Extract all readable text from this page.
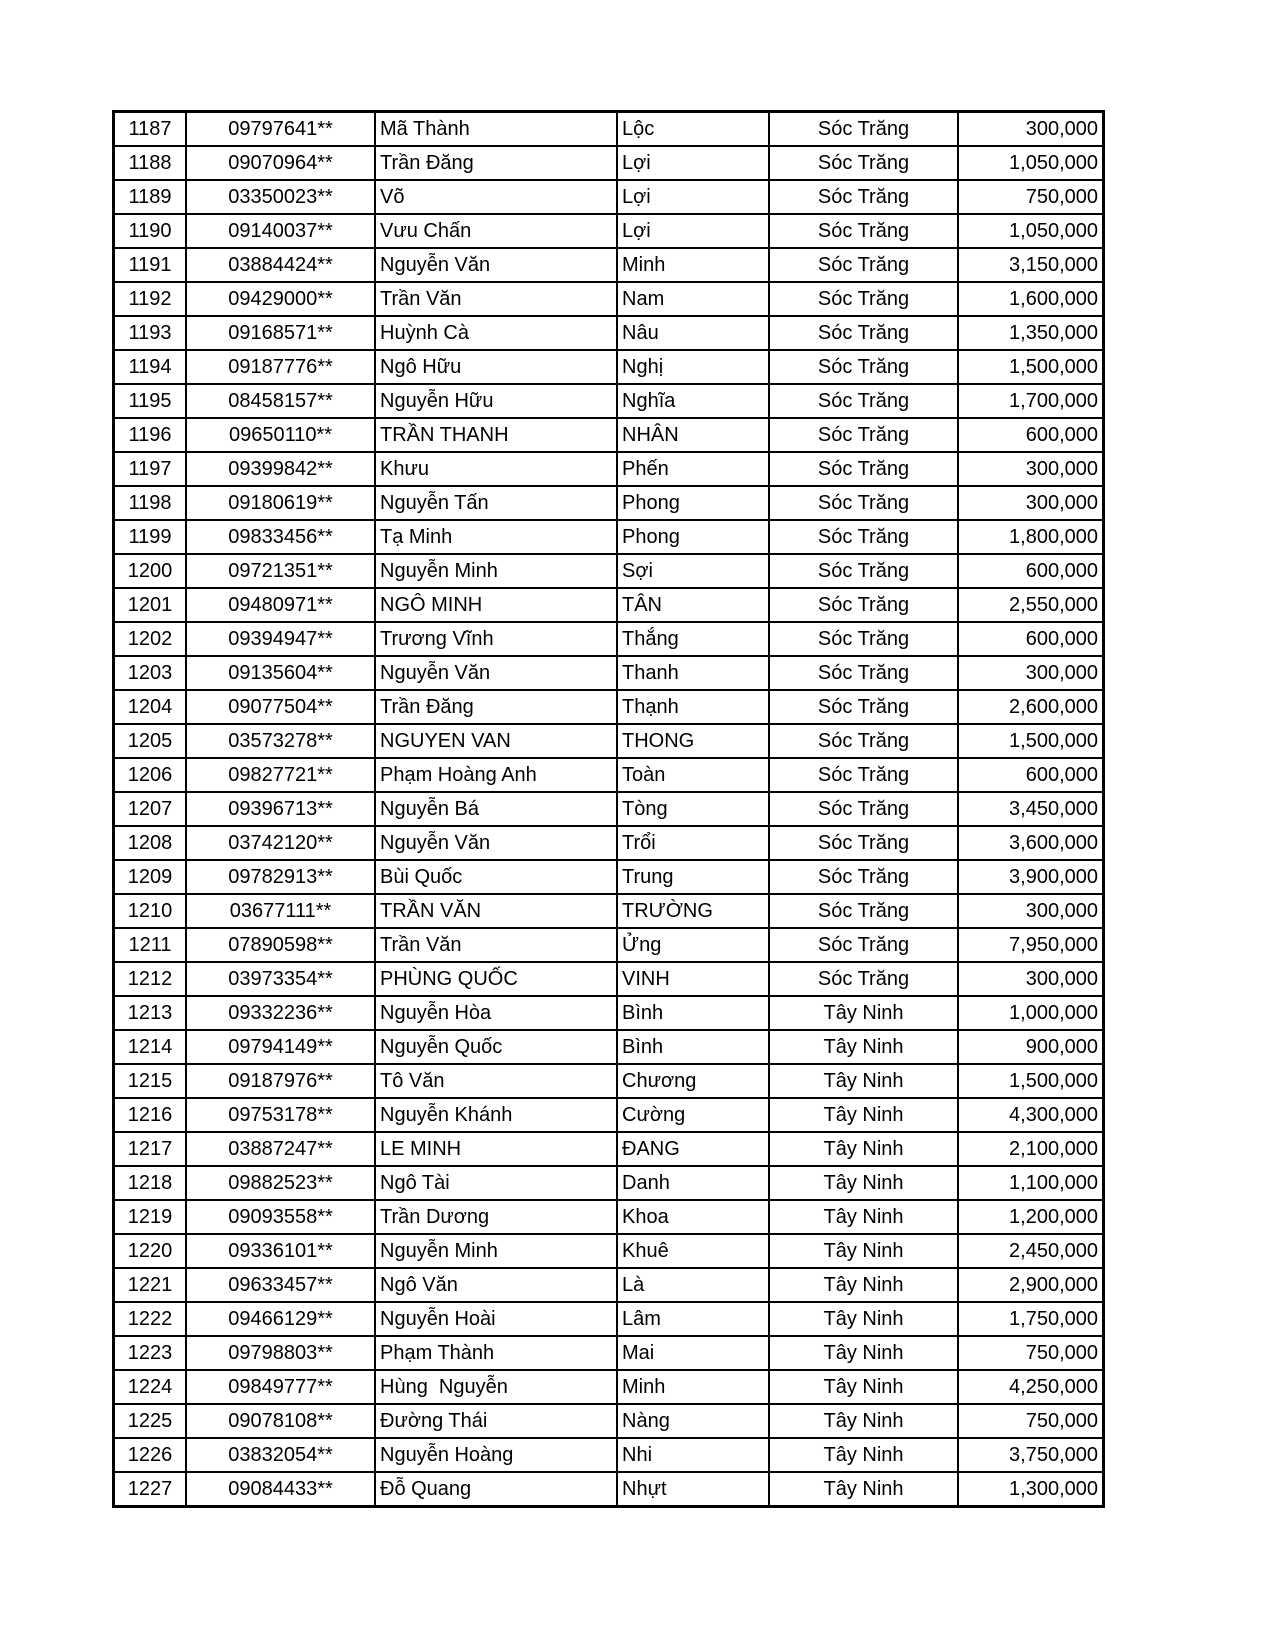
1187	09797641**	Mã Thành	Lộc	Sóc Trăng	300,000
1188	09070964**	Trần Đăng	Lợi	Sóc Trăng	1,050,000
1189	03350023**	Võ	Lợi	Sóc Trăng	750,000
1190	09140037**	Vưu Chấn	Lợi	Sóc Trăng	1,050,000
1191	03884424**	Nguyễn Văn	Minh	Sóc Trăng	3,150,000
1192	09429000**	Trần Văn	Nam	Sóc Trăng	1,600,000
1193	09168571**	Huỳnh Cà	Nâu	Sóc Trăng	1,350,000
1194	09187776**	Ngô Hữu	Nghị	Sóc Trăng	1,500,000
1195	08458157**	Nguyễn Hữu	Nghĩa	Sóc Trăng	1,700,000
1196	09650110**	TRẦN THANH	NHÂN	Sóc Trăng	600,000
1197	09399842**	Khưu	Phến	Sóc Trăng	300,000
1198	09180619**	Nguyễn Tấn	Phong	Sóc Trăng	300,000
1199	09833456**	Tạ Minh	Phong	Sóc Trăng	1,800,000
1200	09721351**	Nguyễn Minh	Sợi	Sóc Trăng	600,000
1201	09480971**	NGÔ MINH	TÂN	Sóc Trăng	2,550,000
1202	09394947**	Trương Vĩnh	Thắng	Sóc Trăng	600,000
1203	09135604**	Nguyễn Văn	Thanh	Sóc Trăng	300,000
1204	09077504**	Trần Đăng	Thạnh	Sóc Trăng	2,600,000
1205	03573278**	NGUYEN VAN	THONG	Sóc Trăng	1,500,000
1206	09827721**	Phạm Hoàng Anh	Toàn	Sóc Trăng	600,000
1207	09396713**	Nguyễn Bá	Tòng	Sóc Trăng	3,450,000
1208	03742120**	Nguyễn Văn	Trổi	Sóc Trăng	3,600,000
1209	09782913**	Bùi Quốc	Trung	Sóc Trăng	3,900,000
1210	03677111**	TRẦN VĂN	TRƯỜNG	Sóc Trăng	300,000
1211	07890598**	Trần Văn	Ửng	Sóc Trăng	7,950,000
1212	03973354**	PHÙNG QUỐC	VINH	Sóc Trăng	300,000
1213	09332236**	Nguyễn Hòa	Bình	Tây Ninh	1,000,000
1214	09794149**	Nguyễn Quốc	Bình	Tây Ninh	900,000
1215	09187976**	Tô Văn	Chương	Tây Ninh	1,500,000
1216	09753178**	Nguyễn Khánh	Cường	Tây Ninh	4,300,000
1217	03887247**	LE MINH	ĐANG	Tây Ninh	2,100,000
1218	09882523**	Ngô Tài	Danh	Tây Ninh	1,100,000
1219	09093558**	Trần Dương	Khoa	Tây Ninh	1,200,000
1220	09336101**	Nguyễn Minh	Khuê	Tây Ninh	2,450,000
1221	09633457**	Ngô Văn	Là	Tây Ninh	2,900,000
1222	09466129**	Nguyễn Hoài	Lâm	Tây Ninh	1,750,000
1223	09798803**	Phạm Thành	Mai	Tây Ninh	750,000
1224	09849777**	Hùng  Nguyễn	Minh	Tây Ninh	4,250,000
1225	09078108**	Đường Thái	Nàng	Tây Ninh	750,000
1226	03832054**	Nguyễn Hoàng	Nhi	Tây Ninh	3,750,000
1227	09084433**	Đỗ Quang	Nhựt	Tây Ninh	1,300,000
